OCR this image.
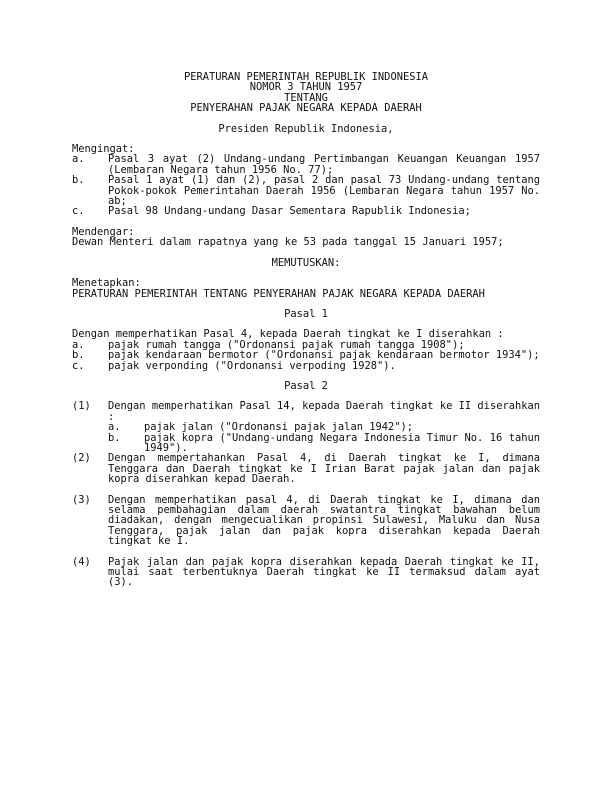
PERATURAN PEMERINTAH REPUBLIK INDONESIA
NOMOR 3 TAHUN 1957
TENTANG
PENYERAHAN PAJAK NEGARA KEPADA DAERAH
Presiden Republik Indonesia,
Mengingat:
a.	Pasal 3 ayat (2) Undang-undang Pertimbangan Keuangan Keuangan 1957 (Lembaran Negara tahun 1956 No. 77);
b.	Pasal 1 ayat (1) dan (2), pasal 2 dan pasal 73 Undang-undang tentang Pokok-pokok Pemerintahan Daerah 1956 (Lembaran Negara tahun 1957 No. ab;
c.	Pasal 98 Undang-undang Dasar Sementara Rapublik Indonesia;
Mendengar:
Dewan Menteri dalam rapatnya yang ke 53 pada tanggal 15 Januari 1957;
MEMUTUSKAN:
Menetapkan:
PERATURAN PEMERINTAH TENTANG PENYERAHAN PAJAK NEGARA KEPADA DAERAH
Pasal 1
Dengan memperhatikan Pasal 4, kepada Daerah tingkat ke I diserahkan :
a.	pajak rumah tangga ("Ordonansi pajak rumah tangga 1908");
b.	pajak kendaraan bermotor ("Ordonansi pajak kendaraan bermotor 1934");
c.	pajak verponding ("Ordonansi verpoding 1928").
Pasal 2
(1)	Dengan memperhatikan Pasal 14, kepada Daerah tingkat ke II diserahkan :
a.	pajak jalan ("Ordonansi pajak jalan 1942");
b.	pajak kopra ("Undang-undang Negara Indonesia Timur No. 16 tahun 1949").
(2)	Dengan mempertahankan Pasal 4, di Daerah tingkat ke I, dimana Tenggara dan Daerah tingkat ke I Irian Barat pajak jalan dan pajak kopra diserahkan kepad Daerah.
(3)	Dengan memperhatikan pasal 4, di Daerah tingkat ke I, dimana dan selama pembahagian dalam daerah swatantra tingkat bawahan belum diadakan, dengan mengecualikan propinsi Sulawesi, Maluku dan Nusa Tenggara, pajak jalan dan pajak kopra diserahkan kepada Daerah tingkat ke I.
(4)	Pajak jalan dan pajak kopra diserahkan kepada Daerah tingkat ke II, mulai saat terbentuknya Daerah tingkat ke II termaksud dalam ayat (3).
